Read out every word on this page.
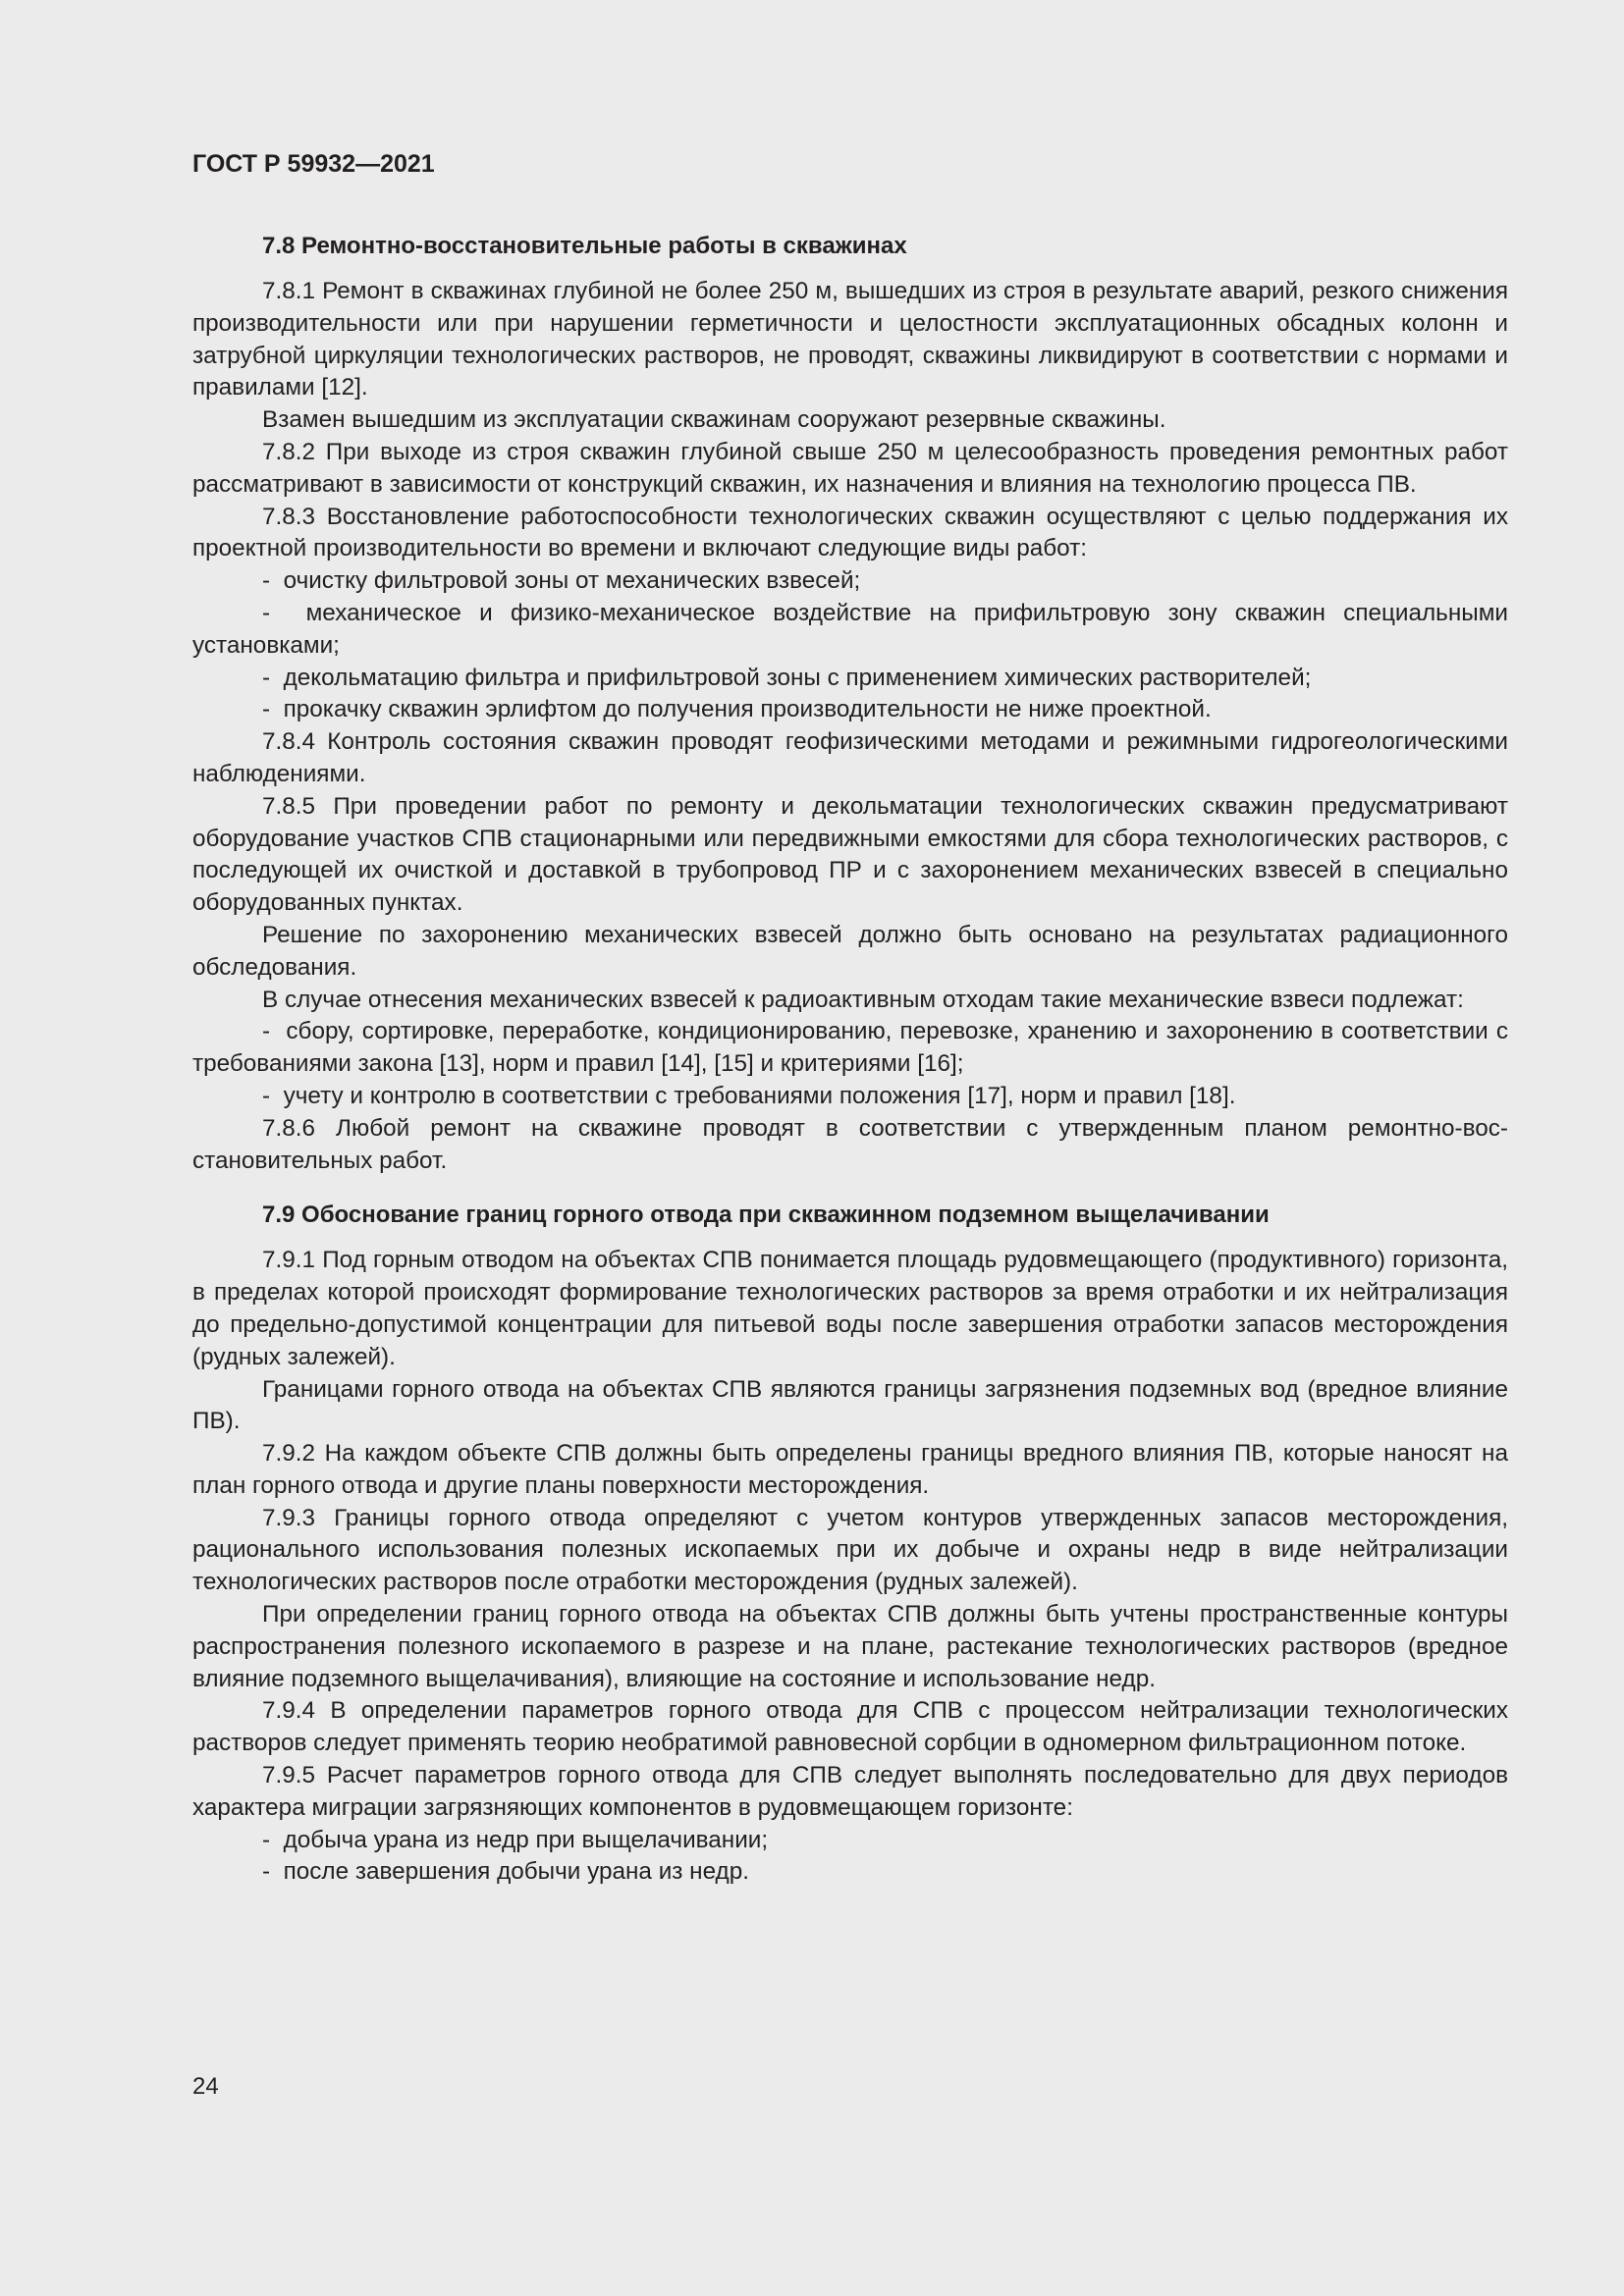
ГОСТ Р 59932—2021
7.8 Ремонтно-восстановительные работы в скважинах

7.8.1 Ремонт в скважинах глубиной не более 250 м, вышедших из строя в результате аварий, резкого снижения производительности или при нарушении герметичности и целостности эксплуатационных обсадных колонн и затрубной циркуляции технологических растворов, не проводят, скважины ликвидируют в соответствии с нормами и правилами [12].

Взамен вышедшим из эксплуатации скважинам сооружают резервные скважины.

7.8.2 При выходе из строя скважин глубиной свыше 250 м целесообразность проведения ремонтных работ рассматривают в зависимости от конструкций скважин, их назначения и влияния на технологию процесса ПВ.

7.8.3 Восстановление работоспособности технологических скважин осуществляют с целью поддержания их проектной производительности во времени и включают следующие виды работ:

-  очистку фильтровой зоны от механических взвесей;

-  механическое и физико-механическое воздействие на прифильтровую зону скважин специальными установками;

-  декольматацию фильтра и прифильтровой зоны с применением химических растворителей;

-  прокачку скважин эрлифтом до получения производительности не ниже проектной.

7.8.4 Контроль состояния скважин проводят геофизическими методами и режимными гидрогеологическими наблюдениями.

7.8.5 При проведении работ по ремонту и декольматации технологических скважин предусматривают оборудование участков СПВ стационарными или передвижными емкостями для сбора технологических растворов, с последующей их очисткой и доставкой в трубопровод ПР и с захоронением механических взвесей в специально оборудованных пунктах.

Решение по захоронению механических взвесей должно быть основано на результатах радиационного обследования.

В случае отнесения механических взвесей к радиоактивным отходам такие механические взвеси подлежат:

-  сбору, сортировке, переработке, кондиционированию, перевозке, хранению и захоронению в соответствии с требованиями закона [13], норм и правил [14], [15] и критериями [16];

-  учету и контролю в соответствии с требованиями положения [17], норм и правил [18].

7.8.6 Любой ремонт на скважине проводят в соответствии с утвержденным планом ремонтно-восстановительных работ.

7.9 Обоснование границ горного отвода при скважинном подземном выщелачивании

7.9.1 Под горным отводом на объектах СПВ понимается площадь рудовмещающего (продуктивного) горизонта, в пределах которой происходят формирование технологических растворов за время отработки и их нейтрализация до предельно-допустимой концентрации для питьевой воды после завершения отработки запасов месторождения (рудных залежей).

Границами горного отвода на объектах СПВ являются границы загрязнения подземных вод (вредное влияние ПВ).

7.9.2 На каждом объекте СПВ должны быть определены границы вредного влияния ПВ, которые наносят на план горного отвода и другие планы поверхности месторождения.

7.9.3 Границы горного отвода определяют с учетом контуров утвержденных запасов месторождения, рационального использования полезных ископаемых при их добыче и охраны недр в виде нейтрализации технологических растворов после отработки месторождения (рудных залежей).

При определении границ горного отвода на объектах СПВ должны быть учтены пространственные контуры распространения полезного ископаемого в разрезе и на плане, растекание технологических растворов (вредное влияние подземного выщелачивания), влияющие на состояние и использование недр.

7.9.4 В определении параметров горного отвода для СПВ с процессом нейтрализации технологических растворов следует применять теорию необратимой равновесной сорбции в одномерном фильтрационном потоке.

7.9.5 Расчет параметров горного отвода для СПВ следует выполнять последовательно для двух периодов характера миграции загрязняющих компонентов в рудовмещающем горизонте:

-  добыча урана из недр при выщелачивании;

-  после завершения добычи урана из недр.

24
